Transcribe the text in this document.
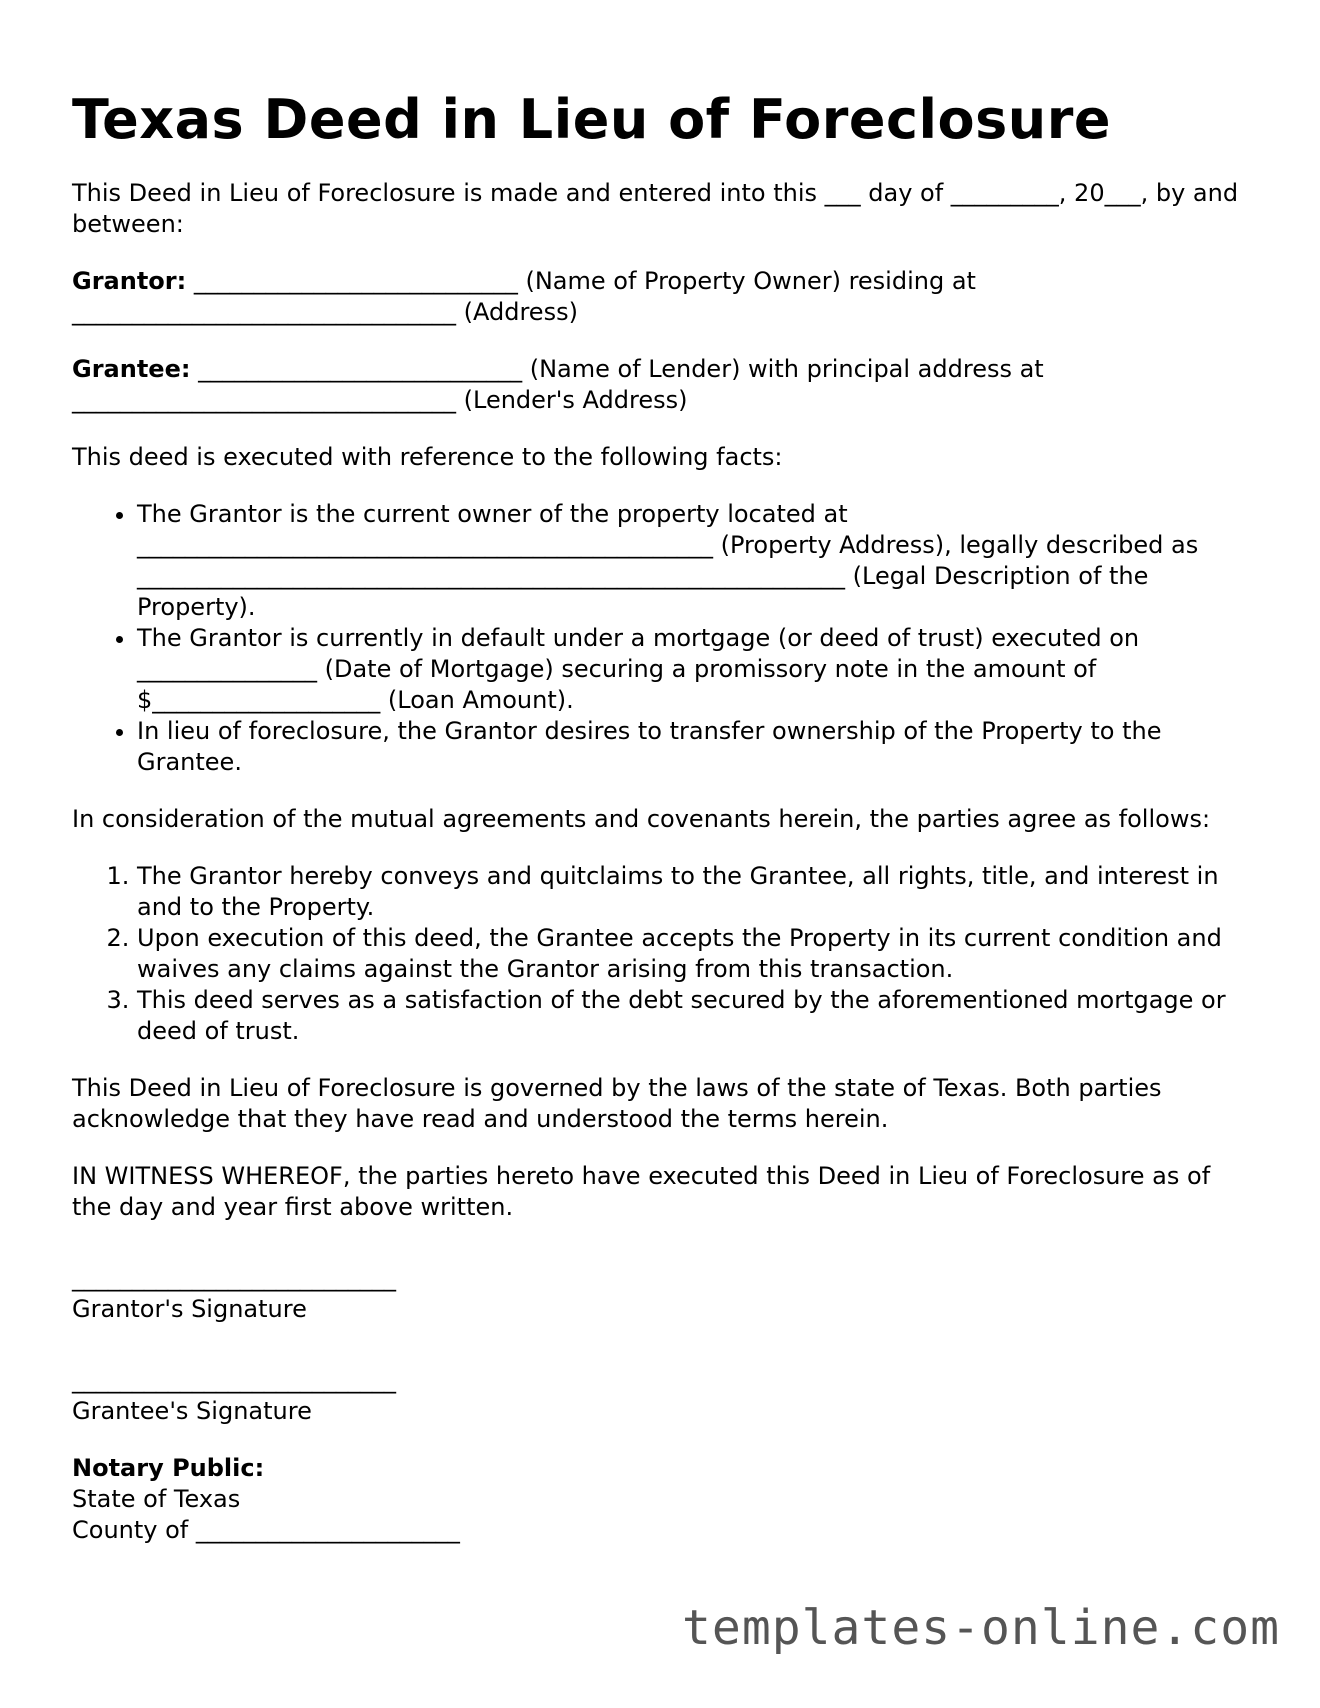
Texas Deed in Lieu of Foreclosure

This Deed in Lieu of Foreclosure is made and entered into this ___ day of _________, 20___, by and between:

Grantor: ___________________________ (Name of Property Owner) residing at ________________________________ (Address)

Grantee: ___________________________ (Name of Lender) with principal address at ________________________________ (Lender's Address)

This deed is executed with reference to the following facts:

• The Grantor is the current owner of the property located at ________________________________________________ (Property Address), legally described as ___________________________________________________________ (Legal Description of the Property).
• The Grantor is currently in default under a mortgage (or deed of trust) executed on _______________ (Date of Mortgage) securing a promissory note in the amount of $___________________ (Loan Amount).
• In lieu of foreclosure, the Grantor desires to transfer ownership of the Property to the Grantee.

In consideration of the mutual agreements and covenants herein, the parties agree as follows:

1. The Grantor hereby conveys and quitclaims to the Grantee, all rights, title, and interest in and to the Property.
2. Upon execution of this deed, the Grantee accepts the Property in its current condition and waives any claims against the Grantor arising from this transaction.
3. This deed serves as a satisfaction of the debt secured by the aforementioned mortgage or deed of trust.

This Deed in Lieu of Foreclosure is governed by the laws of the state of Texas. Both parties acknowledge that they have read and understood the terms herein.

IN WITNESS WHEREOF, the parties hereto have executed this Deed in Lieu of Foreclosure as of the day and year first above written.

___________________________
Grantor's Signature
___________________________
Grantee's Signature
Notary Public:
State of Texas
County of ______________________
templates-online.com
